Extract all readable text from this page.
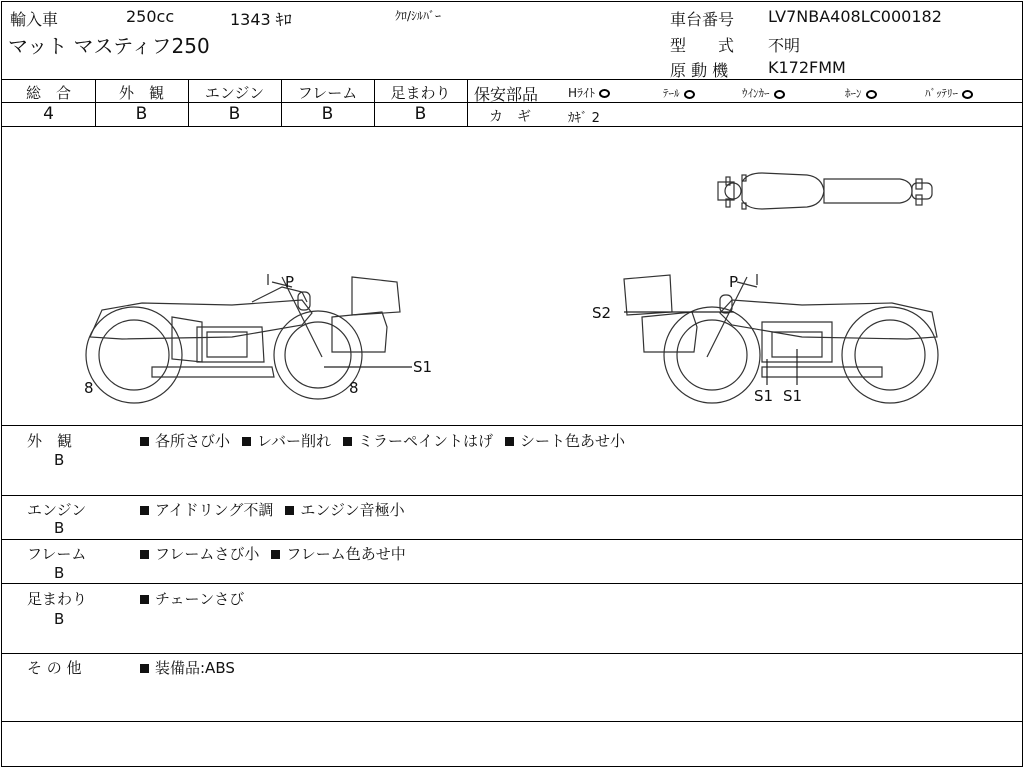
輸入車	250cc	1343 ｷﾛ	ｸﾛ/ｼﾙﾊﾞｰ
マット マスティフ250
車台番号 LV7NBA408LC000182
型　　式 不明
原 動 機 K172FMM
総　合	外　観	エンジン	フレーム	足まわり
4	B	B	B	B
保安部品 Hﾗｲﾄ	ﾃｰﾙ	ｳｲﾝｶｰ	ﾎｰﾝ	ﾊﾞｯﾃﾘｰ
カ　ギ	ｶｷﾞ 2
P
S1
8	8
P
S2
S1 S1
外　観
B
各所さび小 レバー削れ ミラーペイントはげ シート色あせ小
エンジン
B
アイドリング不調 エンジン音極小
フレーム
B
フレームさび小 フレーム色あせ中
足まわり
B
チェーンさび
そ の 他	装備品:ABS
